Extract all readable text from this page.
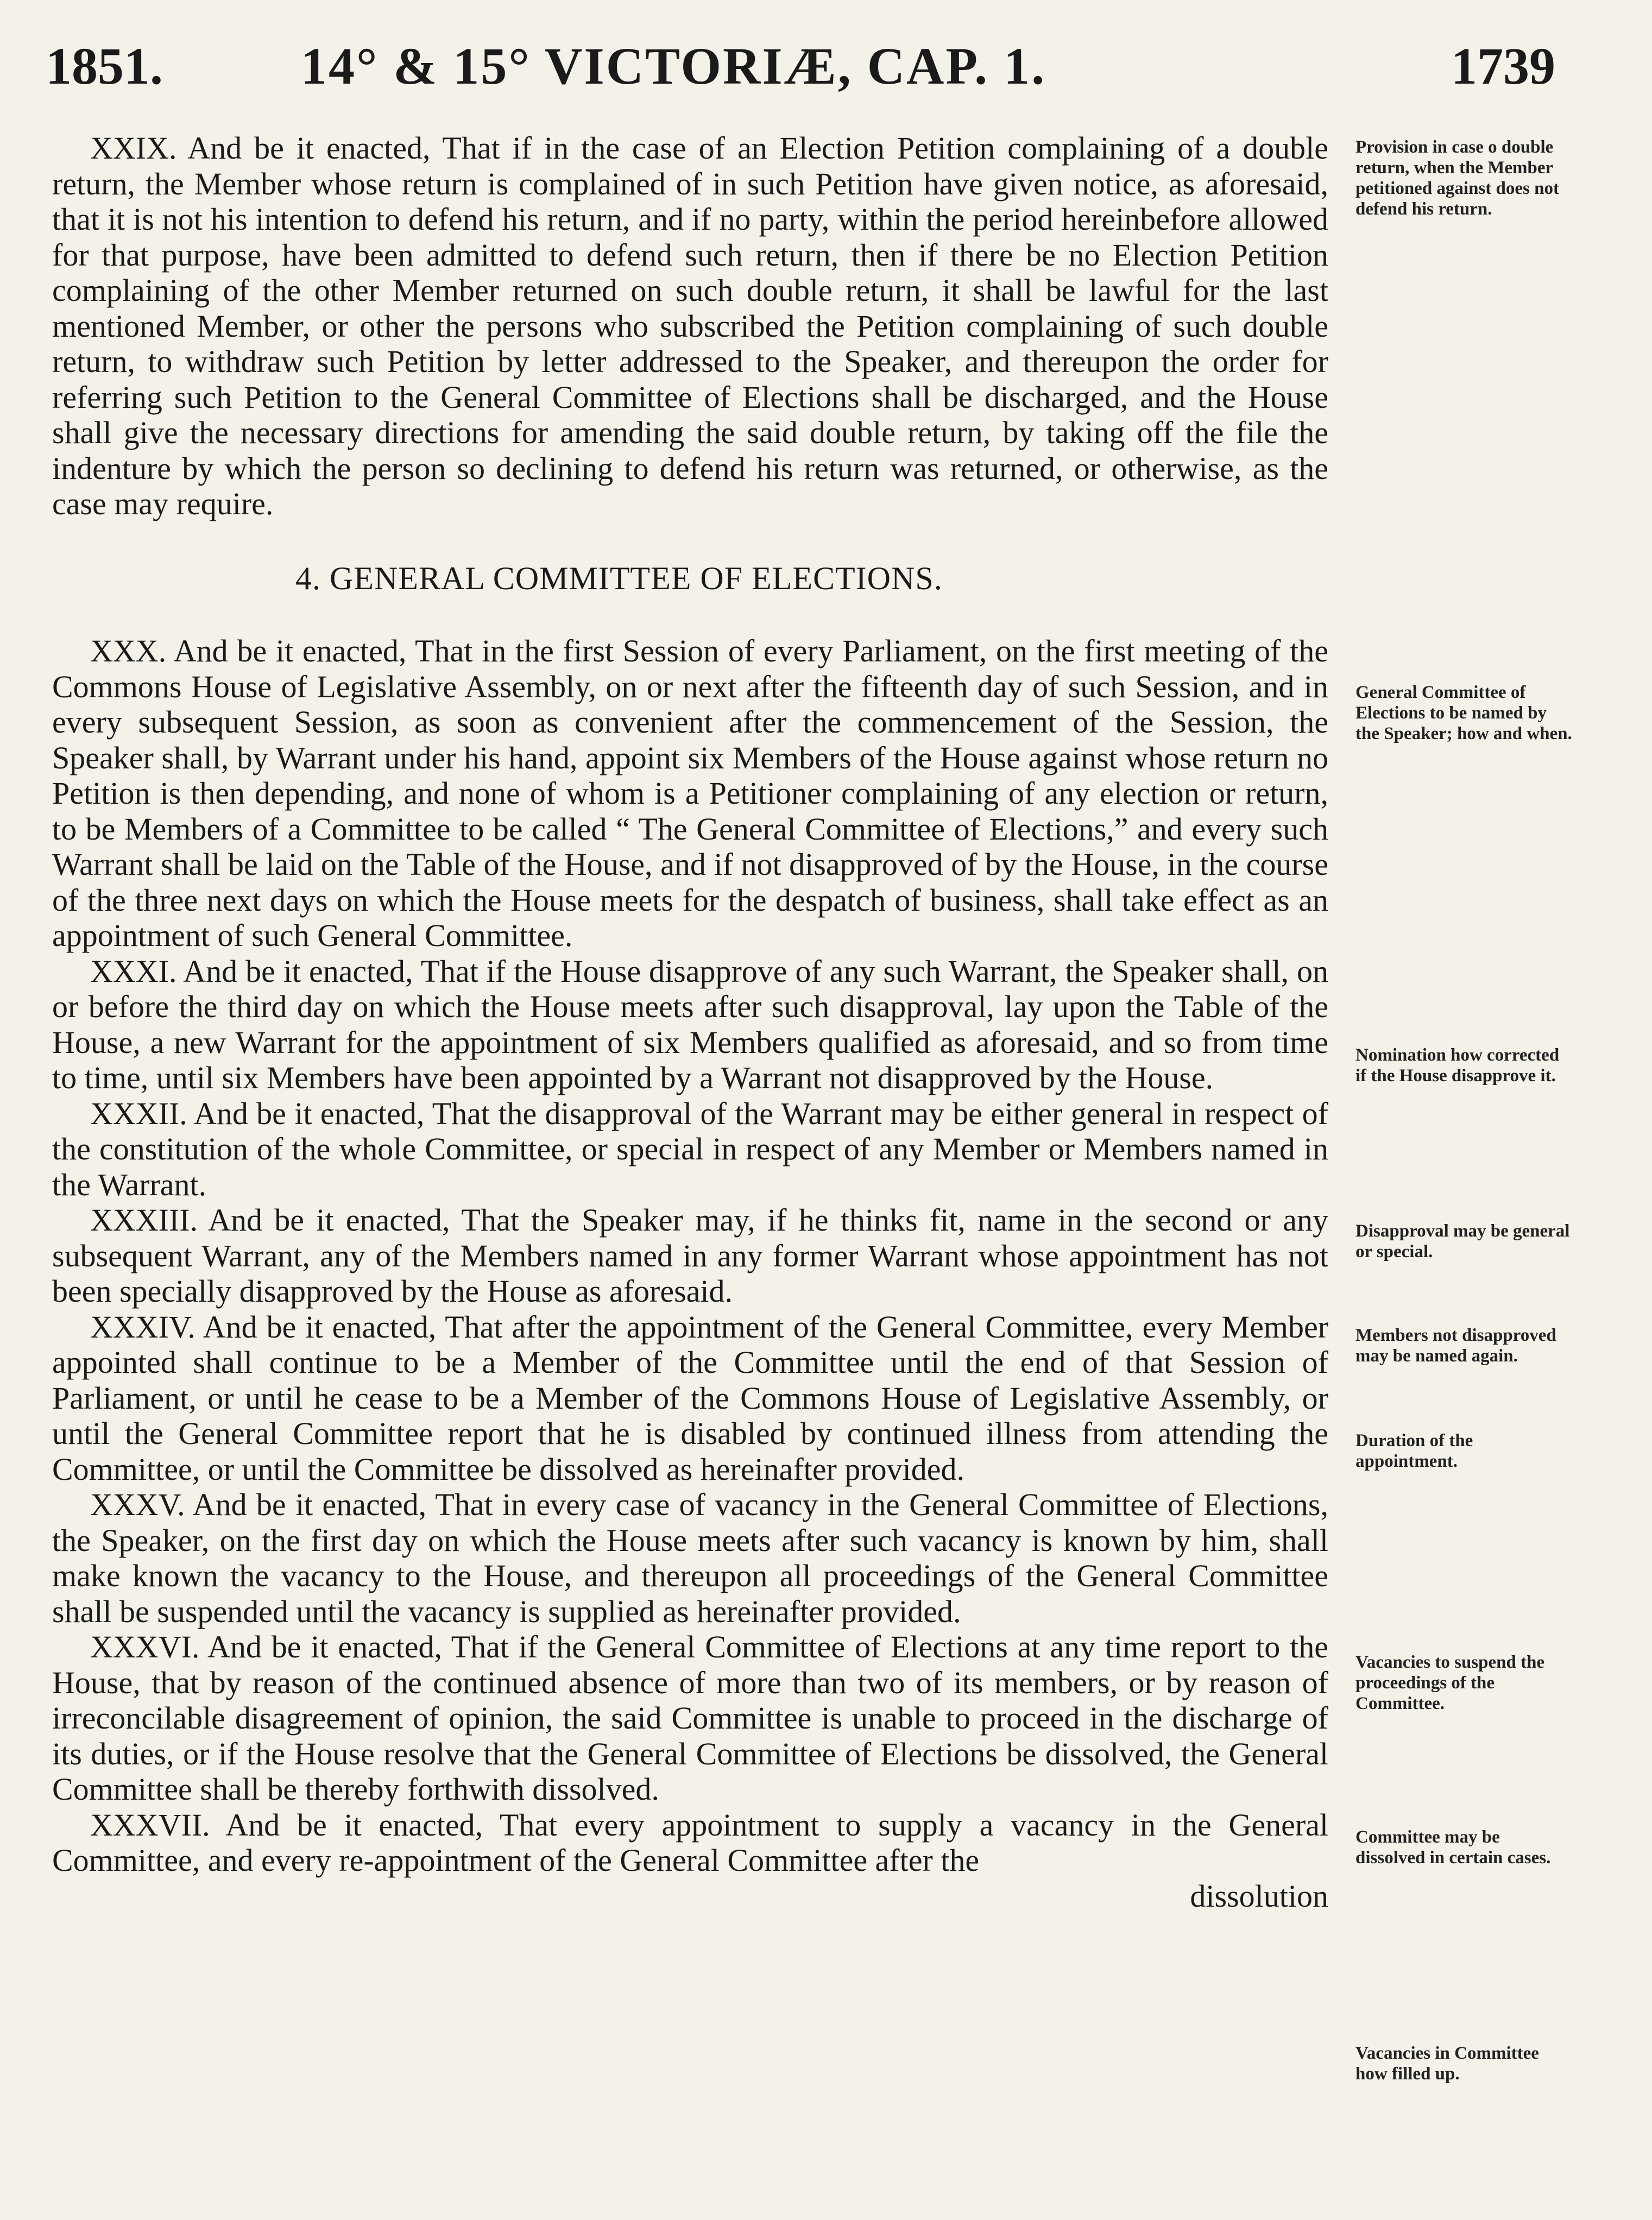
1851.	14° & 15° VICTORIÆ, CAP. 1.	1739

XXIX. And be it enacted, That if in the case of an Election Petition complaining of a double return, the Member whose return is complained of in such Petition have given notice, as aforesaid, that it is not his intention to defend his return, and if no party, within the period hereinbefore allowed for that purpose, have been admitted to defend such return, then if there be no Election Petition complaining of the other Member returned on such double return, it shall be lawful for the last mentioned Member, or other the persons who subscribed the Petition complaining of such double return, to withdraw such Petition by letter addressed to the Speaker, and thereupon the order for referring such Petition to the General Committee of Elections shall be discharged, and the House shall give the necessary directions for amending the said double return, by taking off the file the indenture by which the person so declining to defend his return was returned, or otherwise, as the case may require.

4. GENERAL COMMITTEE OF ELECTIONS.

XXX. And be it enacted, That in the first Session of every Parliament, on the first meeting of the Commons House of Legislative Assembly, on or next after the fifteenth day of such Session, and in every subsequent Session, as soon as convenient after the commencement of the Session, the Speaker shall, by Warrant under his hand, appoint six Members of the House against whose return no Petition is then depending, and none of whom is a Petitioner complaining of any election or return, to be Members of a Committee to be called “ The General Committee of Elections,” and every such Warrant shall be laid on the Table of the House, and if not disapproved of by the House, in the course of the three next days on which the House meets for the despatch of business, shall take effect as an appointment of such General Committee.

XXXI. And be it enacted, That if the House disapprove of any such Warrant, the Speaker shall, on or before the third day on which the House meets after such disapproval, lay upon the Table of the House, a new Warrant for the appointment of six Members qualified as aforesaid, and so from time to time, until six Members have been appointed by a Warrant not disapproved by the House.

XXXII. And be it enacted, That the disapproval of the Warrant may be either general in respect of the constitution of the whole Committee, or special in respect of any Member or Members named in the Warrant.

XXXIII. And be it enacted, That the Speaker may, if he thinks fit, name in the second or any subsequent Warrant, any of the Members named in any former Warrant whose appointment has not been specially disapproved by the House as aforesaid.

XXXIV. And be it enacted, That after the appointment of the General Committee, every Member appointed shall continue to be a Member of the Committee until the end of that Session of Parliament, or until he cease to be a Member of the Commons House of Legislative Assembly, or until the General Committee report that he is disabled by continued illness from attending the Committee, or until the Committee be dissolved as hereinafter provided.

XXXV. And be it enacted, That in every case of vacancy in the General Committee of Elections, the Speaker, on the first day on which the House meets after such vacancy is known by him, shall make known the vacancy to the House, and thereupon all proceedings of the General Committee shall be suspended until the vacancy is supplied as hereinafter provided.

XXXVI. And be it enacted, That if the General Committee of Elections at any time report to the House, that by reason of the continued absence of more than two of its members, or by reason of irreconcilable disagreement of opinion, the said Committee is unable to proceed in the discharge of its duties, or if the House resolve that the General Committee of Elections be dissolved, the General Committee shall be thereby forthwith dissolved.

XXXVII. And be it enacted, That every appointment to supply a vacancy in the General Committee, and every re-appointment of the General Committee after the

dissolution

Provision in case o double return, when the Member petitioned against does not defend his return.
General Committee of Elections to be named by the Speaker; how and when.
Nomination how corrected if the House disapprove it.
Disapproval may be general or special.
Members not disapproved may be named again.
Duration of the appointment.
Vacancies to suspend the proceedings of the Committee.
Committee may be dissolved in certain cases.
Vacancies in Committee how filled up.
